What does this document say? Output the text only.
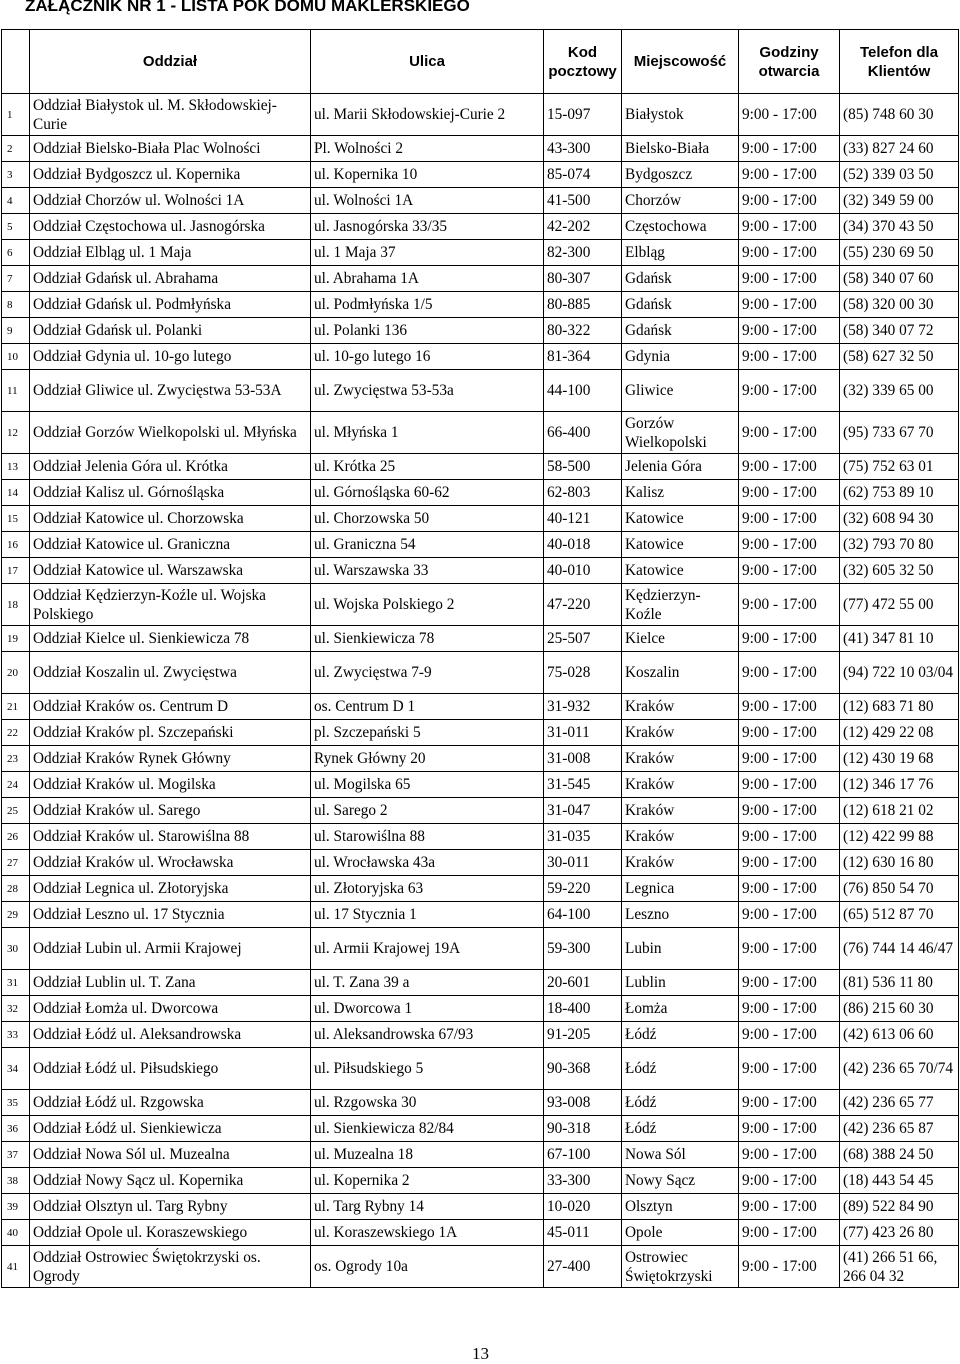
ZAŁĄCZNIK NR 1 - LISTA POK DOMU MAKLERSKIEGO
	Oddział	Ulica	Kod pocztowy	Miejscowość	Godziny otwarcia	Telefon dla Klientów
1	Oddział Białystok ul. M. Skłodowskiej-Curie	ul. Marii Skłodowskiej-Curie 2	15-097	Białystok	9:00 - 17:00	(85) 748 60 30
2	Oddział Bielsko-Biała Plac Wolności	Pl. Wolności 2	43-300	Bielsko-Biała	9:00 - 17:00	(33) 827 24 60
3	Oddział Bydgoszcz ul. Kopernika	ul. Kopernika 10	85-074	Bydgoszcz	9:00 - 17:00	(52) 339 03 50
4	Oddział Chorzów ul. Wolności 1A	ul. Wolności 1A	41-500	Chorzów	9:00 - 17:00	(32) 349 59 00
5	Oddział Częstochowa ul. Jasnogórska	ul. Jasnogórska 33/35	42-202	Częstochowa	9:00 - 17:00	(34) 370 43 50
6	Oddział Elbląg ul. 1 Maja	ul. 1 Maja 37	82-300	Elbląg	9:00 - 17:00	(55) 230 69 50
7	Oddział Gdańsk ul. Abrahama	ul. Abrahama 1A	80-307	Gdańsk	9:00 - 17:00	(58) 340 07 60
8	Oddział Gdańsk ul. Podmłyńska	ul. Podmłyńska 1/5	80-885	Gdańsk	9:00 - 17:00	(58) 320 00 30
9	Oddział Gdańsk ul. Polanki	ul. Polanki 136	80-322	Gdańsk	9:00 - 17:00	(58) 340 07 72
10	Oddział Gdynia ul. 10-go lutego	ul. 10-go lutego 16	81-364	Gdynia	9:00 - 17:00	(58) 627 32 50
11	Oddział Gliwice ul. Zwycięstwa 53-53A	ul. Zwycięstwa 53-53a	44-100	Gliwice	9:00 - 17:00	(32) 339 65 00
12	Oddział Gorzów Wielkopolski ul. Młyńska	ul. Młyńska 1	66-400	Gorzów Wielkopolski	9:00 - 17:00	(95) 733 67 70
13	Oddział Jelenia Góra ul. Krótka	ul. Krótka 25	58-500	Jelenia Góra	9:00 - 17:00	(75) 752 63 01
14	Oddział Kalisz ul. Górnośląska	ul. Górnośląska 60-62	62-803	Kalisz	9:00 - 17:00	(62) 753 89 10
15	Oddział Katowice ul. Chorzowska	ul. Chorzowska 50	40-121	Katowice	9:00 - 17:00	(32) 608 94 30
16	Oddział Katowice ul. Graniczna	ul. Graniczna 54	40-018	Katowice	9:00 - 17:00	(32) 793 70 80
17	Oddział Katowice ul. Warszawska	ul. Warszawska 33	40-010	Katowice	9:00 - 17:00	(32) 605 32 50
18	Oddział Kędzierzyn-Koźle ul. Wojska Polskiego	ul. Wojska Polskiego 2	47-220	Kędzierzyn-Koźle	9:00 - 17:00	(77) 472 55 00
19	Oddział Kielce ul. Sienkiewicza 78	ul. Sienkiewicza 78	25-507	Kielce	9:00 - 17:00	(41) 347 81 10
20	Oddział Koszalin ul. Zwycięstwa	ul. Zwycięstwa 7-9	75-028	Koszalin	9:00 - 17:00	(94) 722 10 03/04
21	Oddział Kraków os. Centrum D	os. Centrum D 1	31-932	Kraków	9:00 - 17:00	(12) 683 71 80
22	Oddział Kraków pl. Szczepański	pl. Szczepański 5	31-011	Kraków	9:00 - 17:00	(12) 429 22 08
23	Oddział Kraków Rynek Główny	Rynek Główny 20	31-008	Kraków	9:00 - 17:00	(12) 430 19 68
24	Oddział Kraków ul. Mogilska	ul. Mogilska 65	31-545	Kraków	9:00 - 17:00	(12) 346 17 76
25	Oddział Kraków ul. Sarego	ul. Sarego 2	31-047	Kraków	9:00 - 17:00	(12) 618 21 02
26	Oddział Kraków ul. Starowiślna 88	ul. Starowiślna 88	31-035	Kraków	9:00 - 17:00	(12) 422 99 88
27	Oddział Kraków ul. Wrocławska	ul. Wrocławska 43a	30-011	Kraków	9:00 - 17:00	(12) 630 16 80
28	Oddział Legnica ul. Złotoryjska	ul. Złotoryjska 63	59-220	Legnica	9:00 - 17:00	(76) 850 54 70
29	Oddział Leszno ul. 17 Stycznia	ul. 17 Stycznia 1	64-100	Leszno	9:00 - 17:00	(65) 512 87 70
30	Oddział Lubin ul. Armii Krajowej	ul. Armii Krajowej 19A	59-300	Lubin	9:00 - 17:00	(76) 744 14 46/47
31	Oddział Lublin ul. T. Zana	ul. T. Zana 39 a	20-601	Lublin	9:00 - 17:00	(81) 536 11 80
32	Oddział Łomża ul. Dworcowa	ul. Dworcowa 1	18-400	Łomża	9:00 - 17:00	(86) 215 60 30
33	Oddział Łódź ul. Aleksandrowska	ul. Aleksandrowska 67/93	91-205	Łódź	9:00 - 17:00	(42) 613 06 60
34	Oddział Łódź ul. Piłsudskiego	ul. Piłsudskiego 5	90-368	Łódź	9:00 - 17:00	(42) 236 65 70/74
35	Oddział Łódź ul. Rzgowska	ul. Rzgowska 30	93-008	Łódź	9:00 - 17:00	(42) 236 65 77
36	Oddział Łódź ul. Sienkiewicza	ul. Sienkiewicza 82/84	90-318	Łódź	9:00 - 17:00	(42) 236 65 87
37	Oddział Nowa Sól ul. Muzealna	ul. Muzealna 18	67-100	Nowa Sól	9:00 - 17:00	(68) 388 24 50
38	Oddział Nowy Sącz ul. Kopernika	ul. Kopernika 2	33-300	Nowy Sącz	9:00 - 17:00	(18) 443 54 45
39	Oddział Olsztyn ul. Targ Rybny	ul. Targ Rybny 14	10-020	Olsztyn	9:00 - 17:00	(89) 522 84 90
40	Oddział Opole ul. Koraszewskiego	ul. Koraszewskiego 1A	45-011	Opole	9:00 - 17:00	(77) 423 26 80
41	Oddział Ostrowiec Świętokrzyski os. Ogrody	os. Ogrody 10a	27-400	Ostrowiec Świętokrzyski	9:00 - 17:00	(41) 266 51 66, 266 04 32
13
